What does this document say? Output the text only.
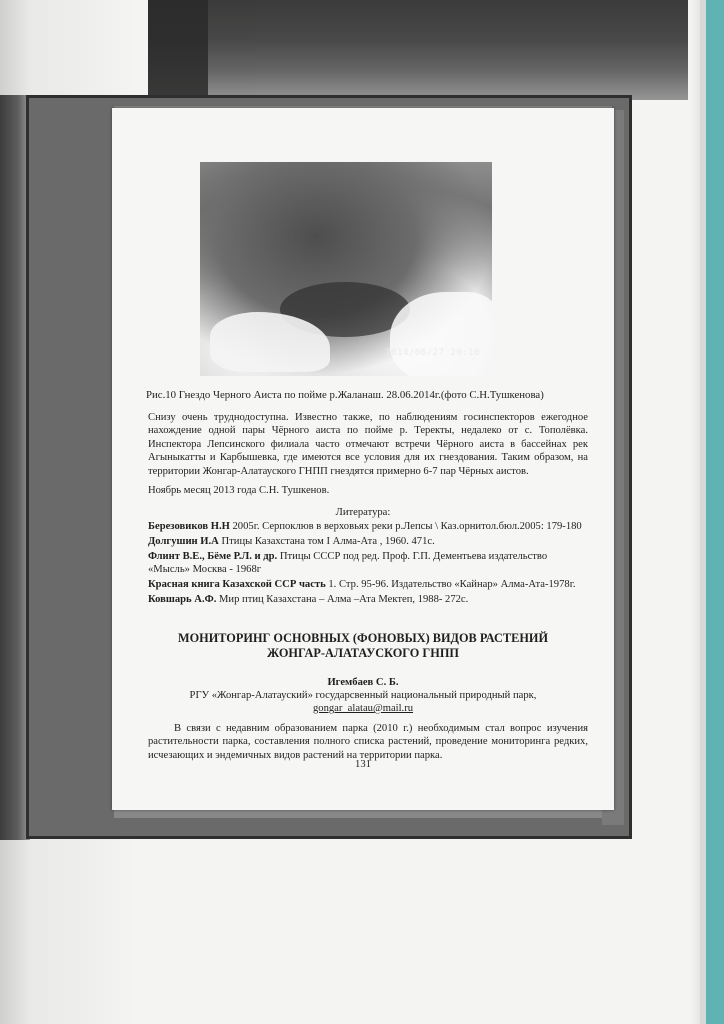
2014/06/27 20:10
Рис.10 Гнездо Черного Аиста по пойме р.Жаланаш. 28.06.2014г.(фото С.Н.Тушкенова)

Снизу очень труднодоступна. Известно также, по наблюдениям госинспекторов ежегодное нахождение одной пары Чёрного аиста по пойме р. Теректы, недалеко от с. Тополёвка. Инспектора Лепсинского филиала часто отмечают встречи Чёрного аиста в бассейнах рек Агыныкатты и Карбышевка, где имеются все условия для их гнездования. Таким образом, на территории Жонгар-Алатауского ГНПП гнездятся примерно 6-7 пар Чёрных аистов.

Ноябрь месяц 2013 года С.Н. Тушкенов.
Литература:
Березовиков Н.Н 2005г. Серпоклюв в верховьях реки р.Лепсы \ Каз.орнитол.бюл.2005: 179-180
Долгушин И.А Птицы Казахстана том I Алма-Ата , 1960. 471с.
Флинт В.Е., Бёме Р.Л. и др. Птицы СССР под ред. Проф. Г.П. Дементьева издательство «Мысль» Москва - 1968г
Красная книга Казахской ССР часть 1. Стр. 95-96. Издательство «Кайнар» Алма-Ата-1978г.
Ковшарь А.Ф. Мир птиц Казахстана – Алма –Ата Мектеп, 1988- 272с.
МОНИТОРИНГ ОСНОВНЫХ (ФОНОВЫХ) ВИДОВ РАСТЕНИЙ
ЖОНГАР-АЛАТАУСКОГО ГНПП
Игембаев С. Б.
РГУ «Жонгар-Алатауский» государсвенный национальный природный парк,
gongar_alatau@mail.ru
В связи с недавним образованием парка (2010 г.) необходимым стал вопрос изучения растительности парка, составления полного списка растений, проведение мониторинга редких, исчезающих и эндемичных видов растений на территории парка.
131
